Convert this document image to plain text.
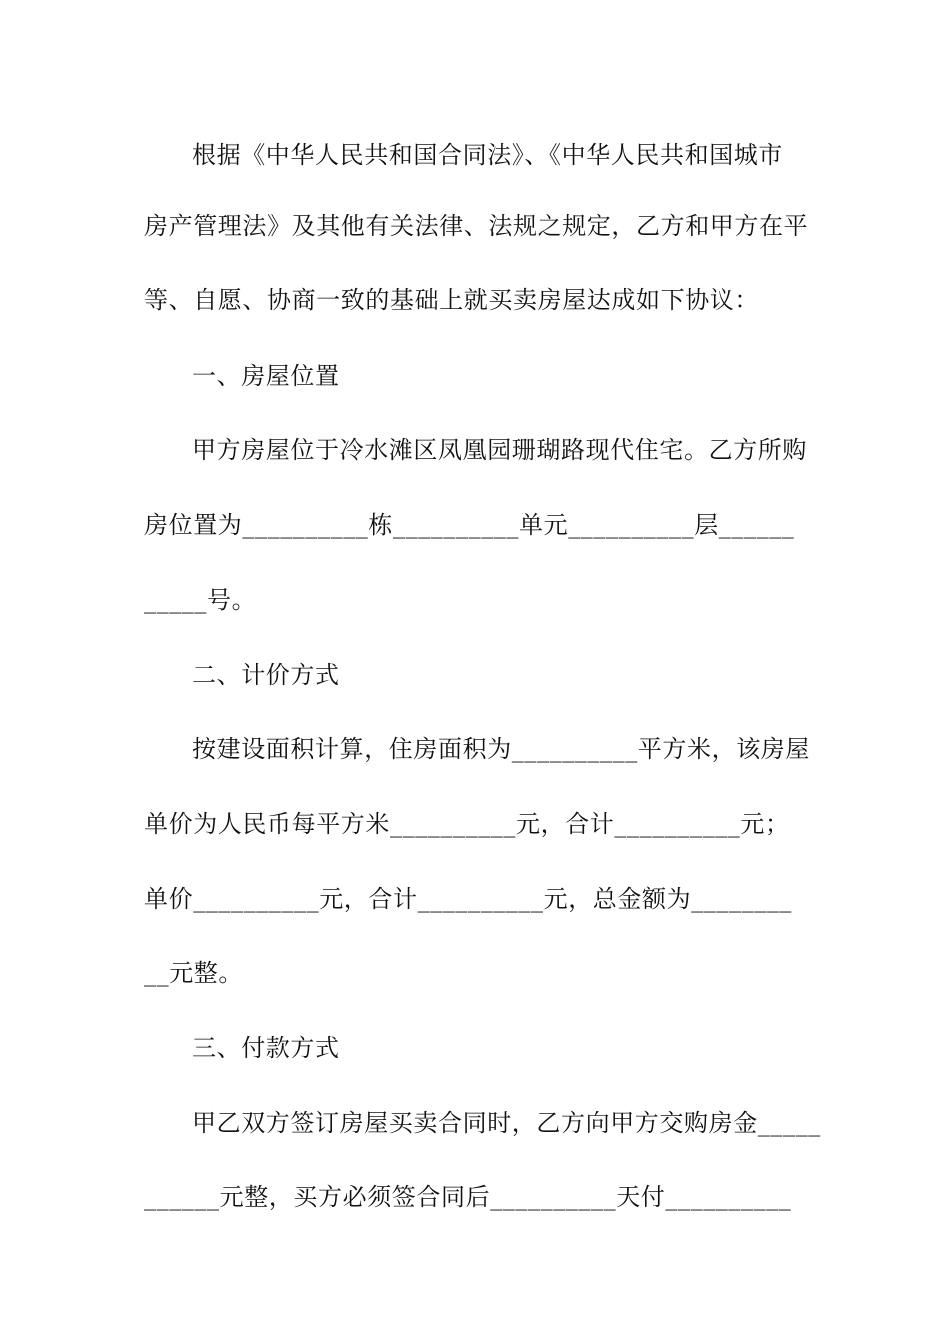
根据《中华人民共和国合同法》、《中华人民共和国城市
房产管理法》及其他有关法律、法规之规定，乙方和甲方在平
等、自愿、协商一致的基础上就买卖房屋达成如下协议：
一、房屋位置
甲方房屋位于冷水滩区凤凰园珊瑚路现代住宅。乙方所购
房位置为__________栋__________单元__________层______
_____号。
二、计价方式
按建设面积计算，住房面积为__________平方米，该房屋
单价为人民币每平方米__________元，合计__________元；
单价__________元，合计__________元，总金额为________
__元整。
三、付款方式
甲乙双方签订房屋买卖合同时，乙方向甲方交购房金_____
______元整，买方必须签合同后__________天付__________
